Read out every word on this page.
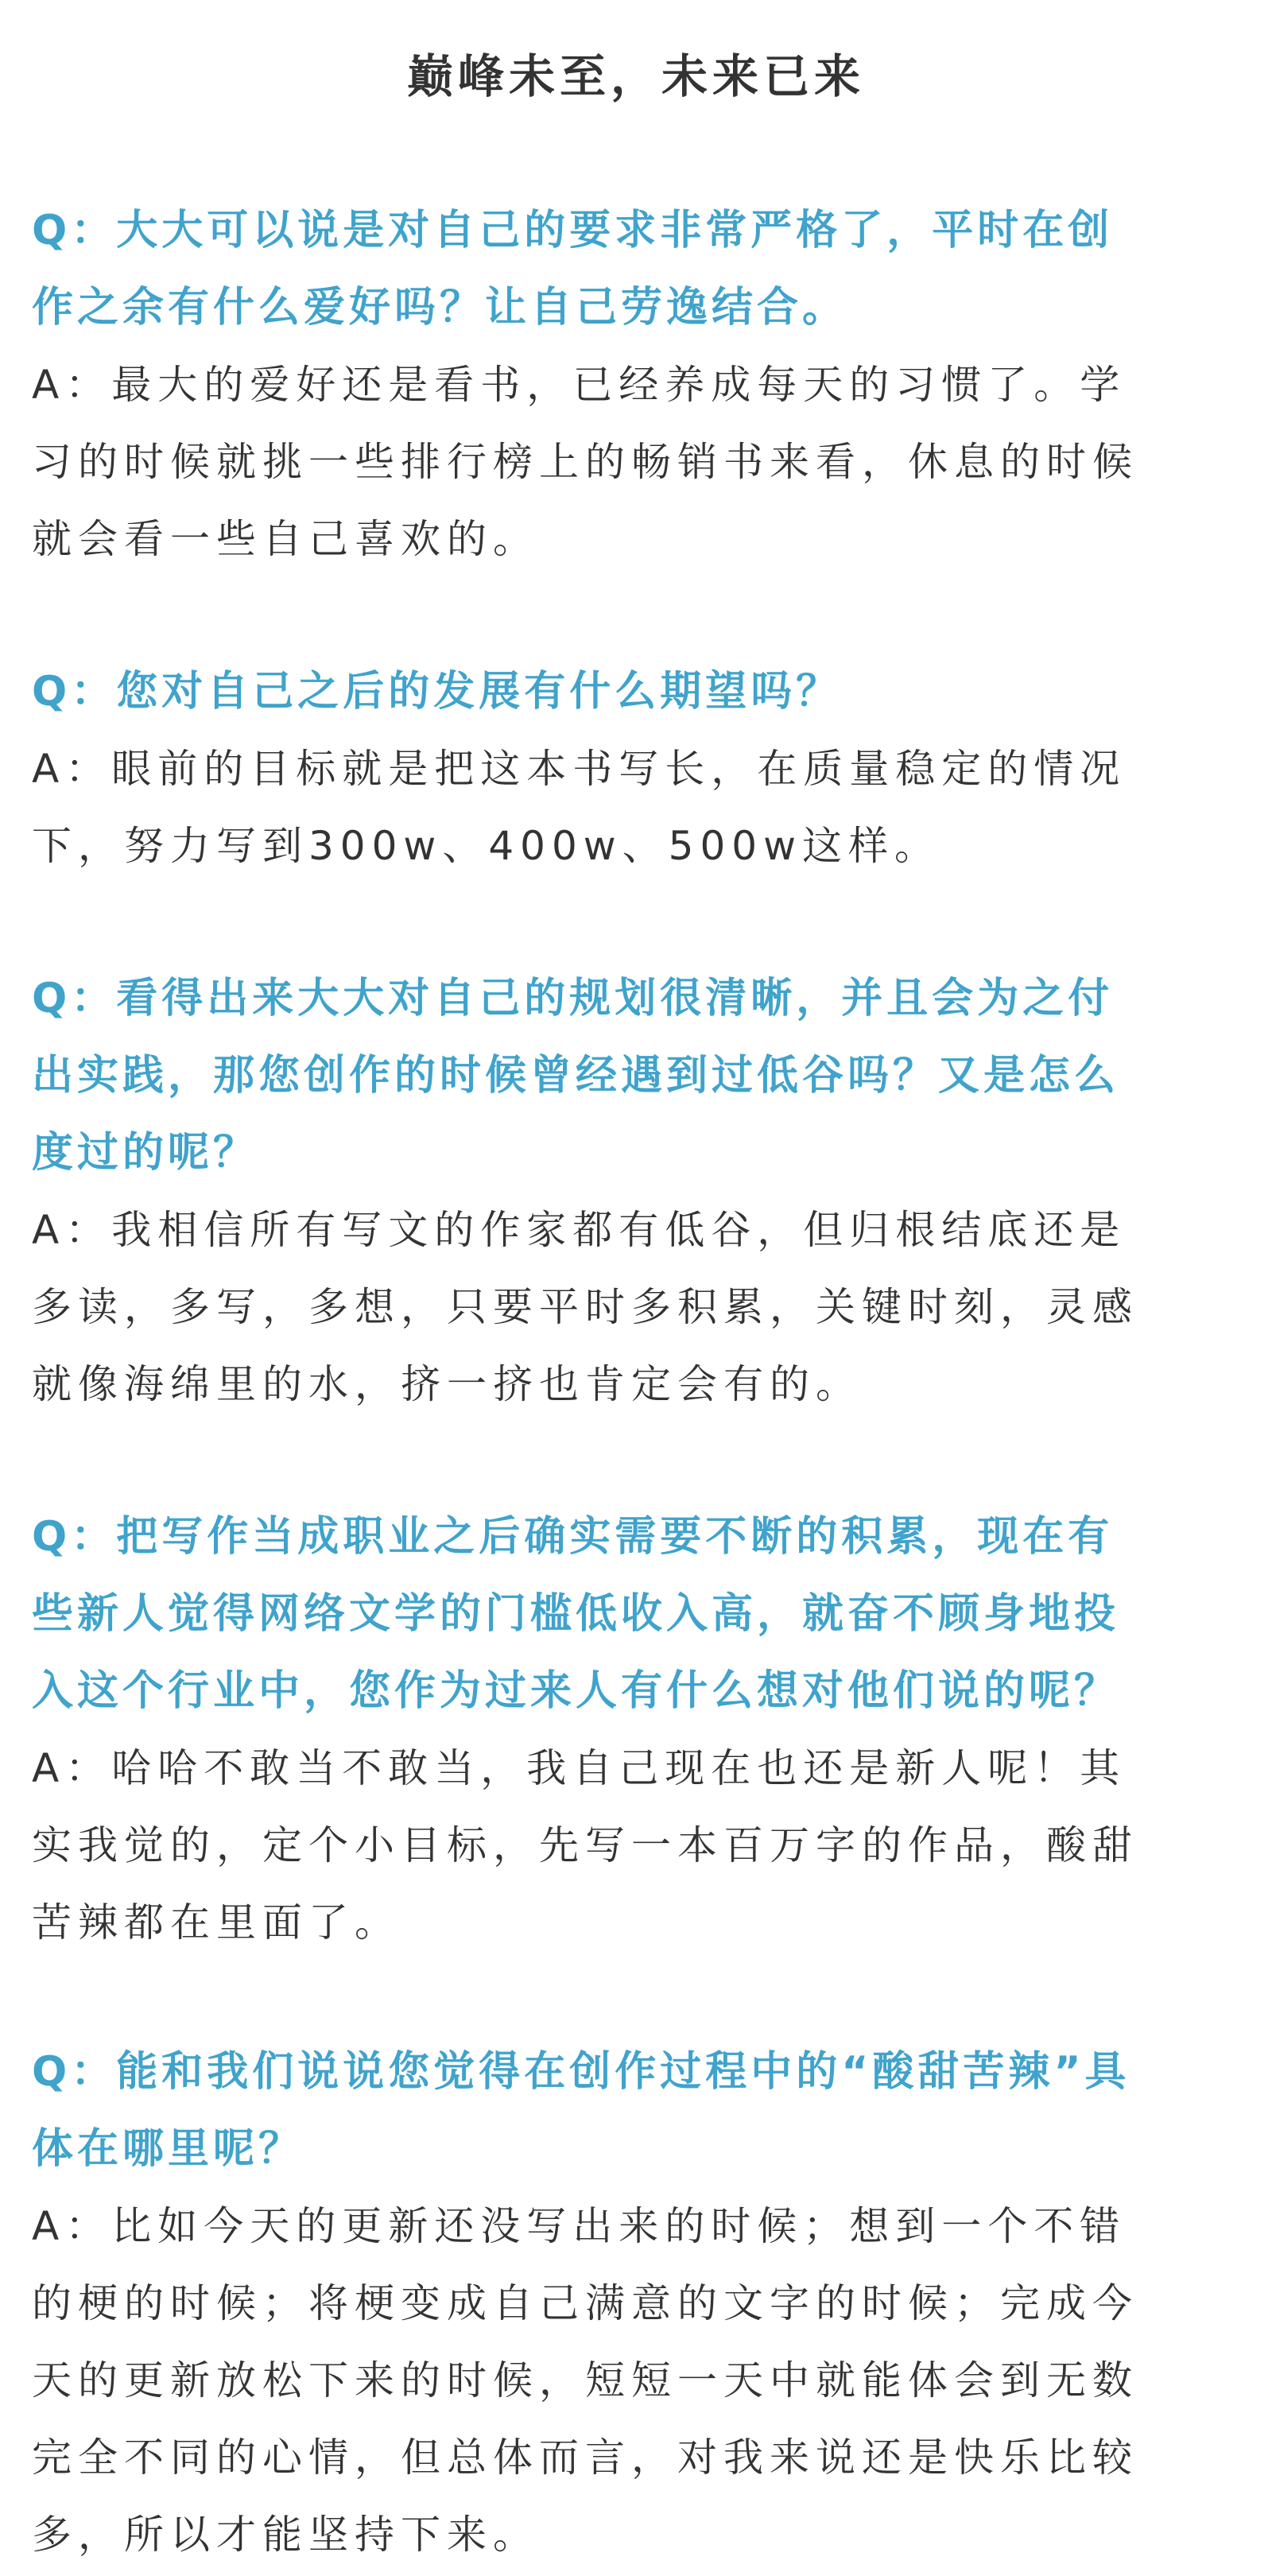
巅峰未至，未来已来

Q：大大可以说是对自己的要求非常严格了，平时在创
作之余有什么爱好吗？让自己劳逸结合。

A：最大的爱好还是看书，已经养成每天的习惯了。学
习的时候就挑一些排行榜上的畅销书来看，休息的时候
就会看一些自己喜欢的。

Q：您对自己之后的发展有什么期望吗？

A：眼前的目标就是把这本书写长，在质量稳定的情况
下，努力写到300w、400w、500w这样。

Q：看得出来大大对自己的规划很清晰，并且会为之付
出实践，那您创作的时候曾经遇到过低谷吗？又是怎么
度过的呢？

A：我相信所有写文的作家都有低谷，但归根结底还是
多读，多写，多想，只要平时多积累，关键时刻，灵感
就像海绵里的水，挤一挤也肯定会有的。

Q：把写作当成职业之后确实需要不断的积累，现在有
些新人觉得网络文学的门槛低收入高，就奋不顾身地投
入这个行业中，您作为过来人有什么想对他们说的呢？

A：哈哈不敢当不敢当，我自己现在也还是新人呢！其
实我觉的，定个小目标，先写一本百万字的作品，酸甜
苦辣都在里面了。

Q：能和我们说说您觉得在创作过程中的“酸甜苦辣”具
体在哪里呢？

A：比如今天的更新还没写出来的时候；想到一个不错
的梗的时候；将梗变成自己满意的文字的时候；完成今
天的更新放松下来的时候，短短一天中就能体会到无数
完全不同的心情，但总体而言，对我来说还是快乐比较
多，所以才能坚持下来。
